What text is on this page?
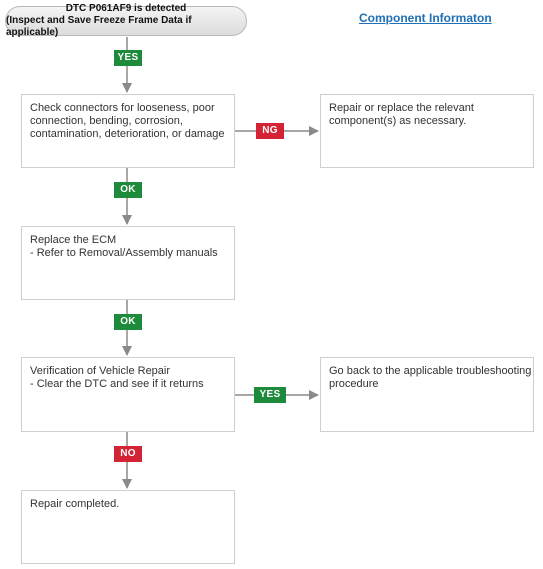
DTC P061AF9 is detected
(Inspect and Save Freeze Frame Data if applicable)
Component Informaton
YES
Check connectors for looseness, poor
connection, bending, corrosion,
contamination, deterioration, or damage	NG
Repair or replace the relevant
component(s) as necessary.
OK
Replace the ECM
- Refer to Removal/Assembly manuals
OK
Verification of Vehicle Repair
- Clear the DTC and see if it returns
YES
Go back to the applicable troubleshooting
procedure
NO
Repair completed.
